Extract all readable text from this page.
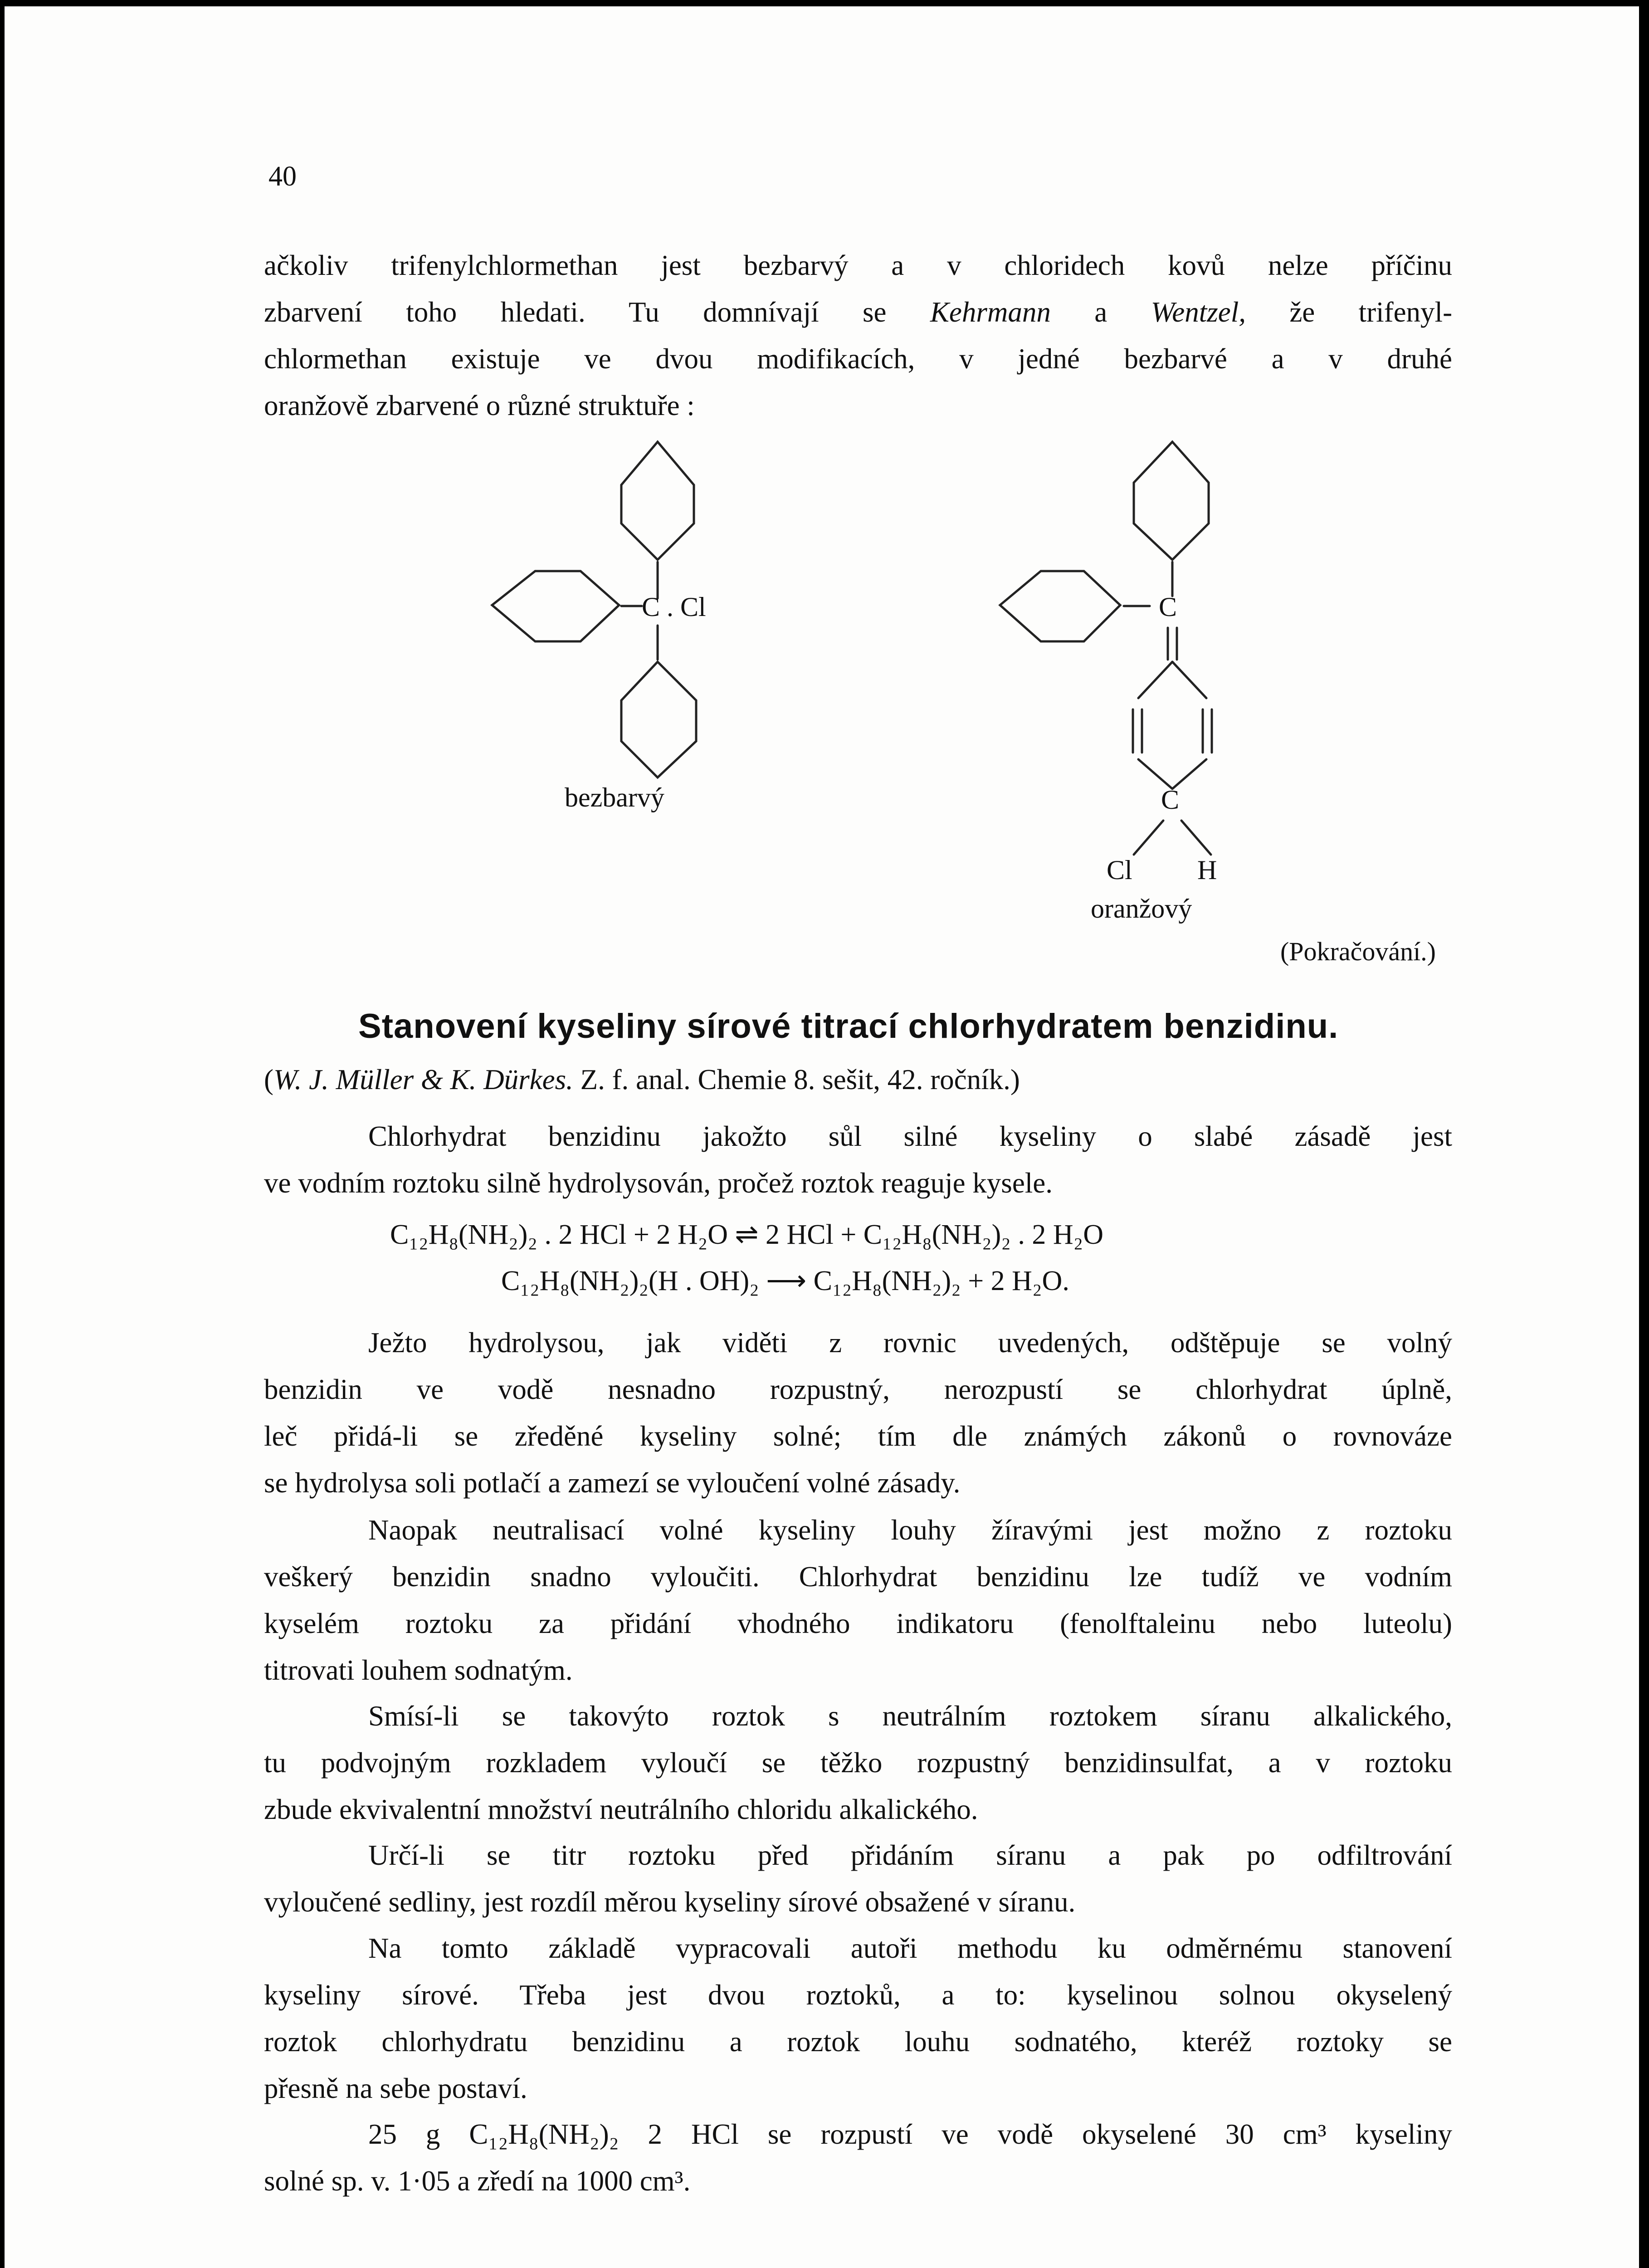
40
ačkoliv trifenylchlormethan jest bezbarvý a v chloridech kovů nelze příčinu
zbarvení toho hledati. Tu domnívají se Kehrmann a Wentzel, že trifenyl-
chlormethan existuje ve dvou modifikacích, v jedné bezbarvé a v druhé
oranžově zbarvené o různé struktuře :
C . Cl
bezbarvý
C
C
Cl H
oranžový
(Pokračování.)
Stanovení kyseliny sírové titrací chlorhydratem benzidinu.
(W. J. Müller & K. Dürkes. Z. f. anal. Chemie 8. sešit, 42. ročník.)
Chlorhydrat benzidinu jakožto sůl silné kyseliny o slabé zásadě jest
ve vodním roztoku silně hydrolysován, pročež roztok reaguje kysele.
C₁₂H₈(NH₂)₂ . 2 HCl + 2 H₂O ⇌ 2 HCl + C₁₂H₈(NH₂)₂ . 2 H₂O
C₁₂H₈(NH₂)₂(H . OH)₂ ⟶ C₁₂H₈(NH₂)₂ + 2 H₂O.
Ježto hydrolysou, jak viděti z rovnic uvedených, odštěpuje se volný
benzidin ve vodě nesnadno rozpustný, nerozpustí se chlorhydrat úplně,
leč přidá-li se zředěné kyseliny solné; tím dle známých zákonů o rovnováze
se hydrolysa soli potlačí a zamezí se vyloučení volné zásady.
Naopak neutralisací volné kyseliny louhy žíravými jest možno z roztoku
veškerý benzidin snadno vyloučiti. Chlorhydrat benzidinu lze tudíž ve vodním
kyselém roztoku za přidání vhodného indikatoru (fenolftaleinu nebo luteolu)
titrovati louhem sodnatým.
Smísí-li se takovýto roztok s neutrálním roztokem síranu alkalického,
tu podvojným rozkladem vyloučí se těžko rozpustný benzidinsulfat, a v roztoku
zbude ekvivalentní množství neutrálního chloridu alkalického.
Určí-li se titr roztoku před přidáním síranu a pak po odfiltrování
vyloučené sedliny, jest rozdíl měrou kyseliny sírové obsažené v síranu.
Na tomto základě vypracovali autoři methodu ku odměrnému stanovení
kyseliny sírové. Třeba jest dvou roztoků, a to: kyselinou solnou okyselený
roztok chlorhydratu benzidinu a roztok louhu sodnatého, kteréž roztoky se
přesně na sebe postaví.
25 g C₁₂H₈(NH₂)₂ 2 HCl se rozpustí ve vodě okyselené 30 cm³ kyseliny
solné sp. v. 1·05 a zředí na 1000 cm³.
